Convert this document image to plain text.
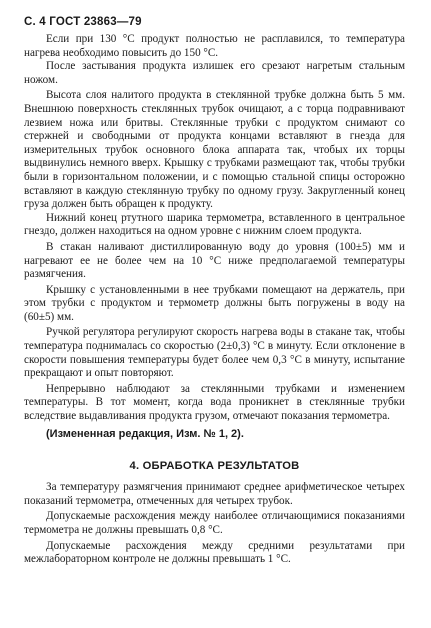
С. 4 ГОСТ 23863—79

Если при 130 °С продукт полностью не расплавился, то температура нагрева необходимо повысить до 150 °С.

После застывания продукта излишек его срезают нагретым стальным ножом.

Высота слоя налитого продукта в стеклянной трубке должна быть 5 мм. Внешнюю поверхность стеклянных трубок очищают, а с торца подравнивают лезвием ножа или бритвы. Стеклянные трубки с продуктом снимают со стержней и свободными от продукта концами вставляют в гнезда для измерительных трубок основного блока аппарата так, чтобых их торцы выдвинулись немного вверх. Крышку с трубками размещают так, чтобы трубки были в горизонтальном положении, и с помощью стальной спицы осторожно вставляют в каждую стеклянную трубку по одному грузу. Закругленный конец груза должен быть обращен к продукту.

Нижний конец ртутного шарика термометра, вставленного в центральное гнездо, должен находиться на одном уровне с нижним слоем продукта.

В стакан наливают дистиллированную воду до уровня (100±5) мм и нагревают ее не более чем на 10 °С ниже предполагаемой температуры размягчения.

Крышку с установленными в нее трубками помещают на держатель, при этом трубки с продуктом и термометр должны быть погружены в воду на (60±5) мм.

Ручкой регулятора регулируют скорость нагрева воды в стакане так, чтобы температура поднималась со скоростью (2±0,3) °С в минуту. Если отклонение в скорости повышения температуры будет более чем 0,3 °С в минуту, испытание прекращают и опыт повторяют.

Непрерывно наблюдают за стеклянными трубками и изменением температуры. В тот момент, когда вода проникнет в стеклянные трубки вследствие выдавливания продукта грузом, отмечают показания термометра.

(Измененная редакция, Изм. № 1, 2).

4. ОБРАБОТКА РЕЗУЛЬТАТОВ

За температуру размягчения принимают среднее арифметическое четырех показаний термометра, отмеченных для четырех трубок.

Допускаемые расхождения между наиболее отличающимися показаниями термометра не должны превышать 0,8 °С.

Допускаемые расхождения между средними результатами при межлабораторном контроле не должны превышать 1 °С.
